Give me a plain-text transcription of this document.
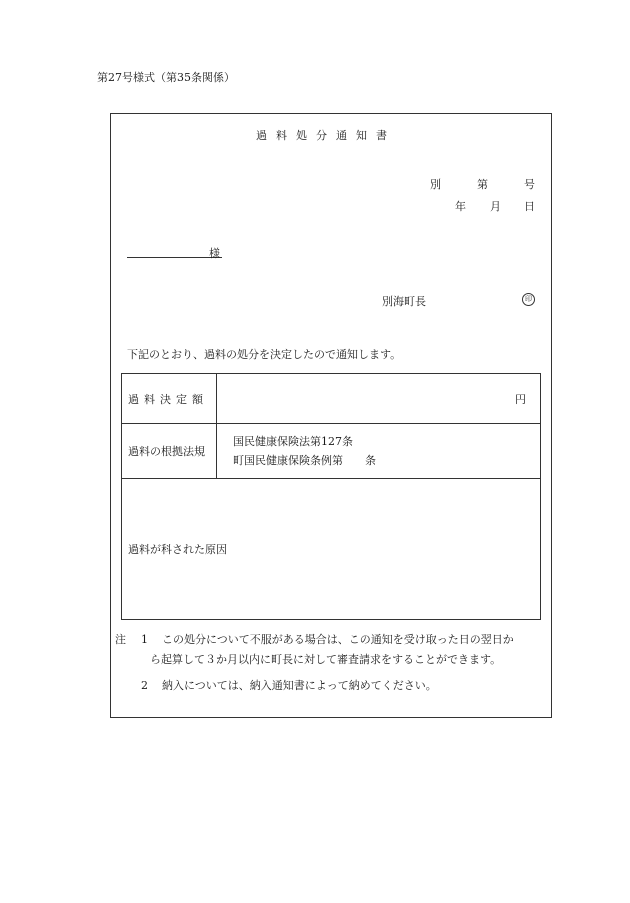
第27号様式（第35条関係）
過料処分通知書
別	第	号
年 月 日
様
別海町長	印
下記のとおり、過料の処分を決定したので通知します。
過料決定額	円
過料の根拠法規	国民健康保険法第127条
町国民健康保険条例第　　条

過料が科された原因	
注 1 この処分について不服がある場合は、この通知を受け取った日の翌日か
ら起算して３か月以内に町長に対して審査請求をすることができます。
2 納入については、納入通知書によって納めてください。
